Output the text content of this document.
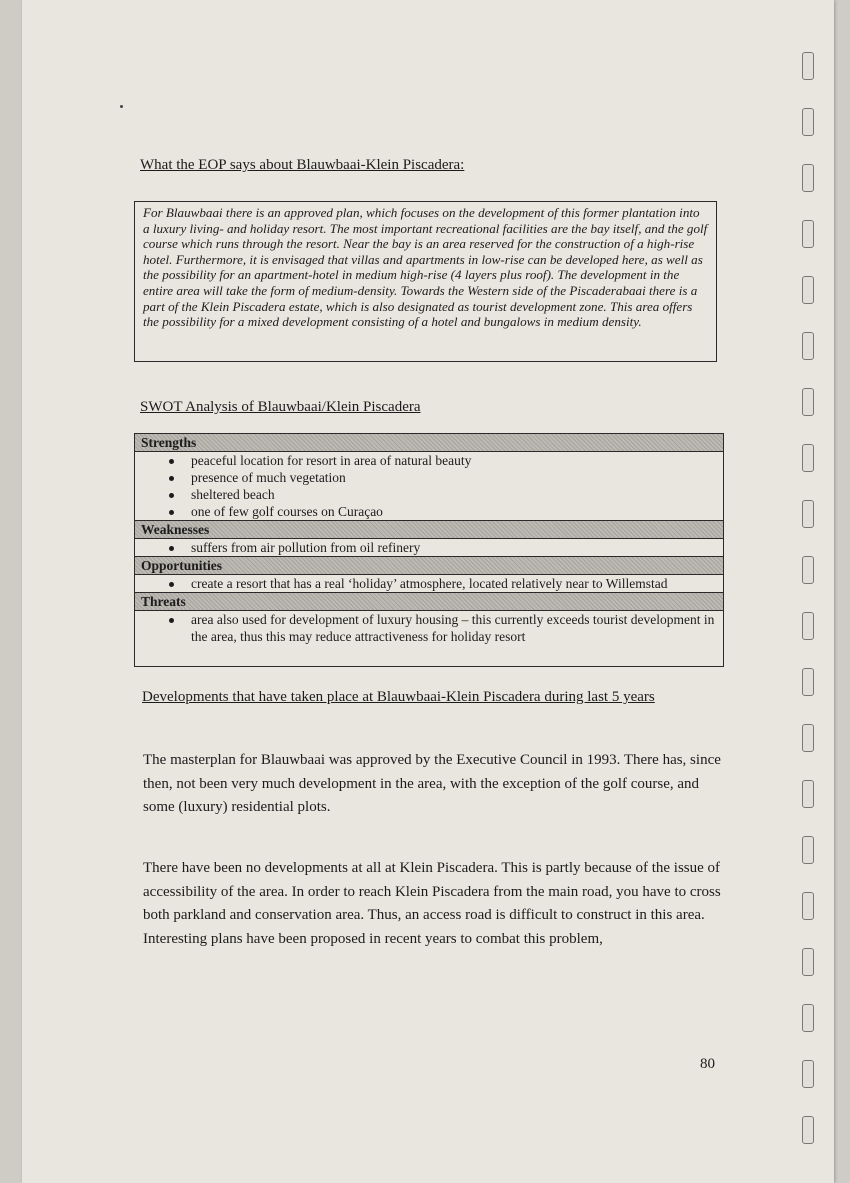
What the EOP says about Blauwbaai-Klein Piscadera:

For Blauwbaai there is an approved plan, which focuses on the development of this former plantation into a luxury living- and holiday resort. The most important recreational facilities are the bay itself, and the golf course which runs through the resort. Near the bay is an area reserved for the construction of a high-rise hotel. Furthermore, it is envisaged that villas and apartments in low-rise can be developed here, as well as the possibility for an apartment-hotel in medium high-rise (4 layers plus roof). The development in the entire area will take the form of medium-density. Towards the Western side of the Piscaderabaai there is a part of the Klein Piscadera estate, which is also designated as tourist development zone. This area offers the possibility for a mixed development consisting of a hotel and bungalows in medium density.

SWOT Analysis of Blauwbaai/Klein Piscadera
Strengths
peaceful location for resort in area of natural beauty
presence of much vegetation
sheltered beach
one of few golf courses on Curaçao
Weaknesses
suffers from air pollution from oil refinery
Opportunities
create a resort that has a real ‘holiday’ atmosphere, located relatively near to Willemstad
Threats
area also used for development of luxury housing – this currently exceeds tourist development in the area, thus this may reduce attractiveness for holiday resort
Developments that have taken place at Blauwbaai-Klein Piscadera during last 5 years

The masterplan for Blauwbaai was approved by the Executive Council in 1993. There has, since then, not been very much development in the area, with the exception of the golf course, and some (luxury) residential plots.

There have been no developments at all at Klein Piscadera. This is partly because of the issue of accessibility of the area. In order to reach Klein Piscadera from the main road, you have to cross both parkland and conservation area. Thus, an access road is difficult to construct in this area. Interesting plans have been proposed in recent years to combat this problem,

80
